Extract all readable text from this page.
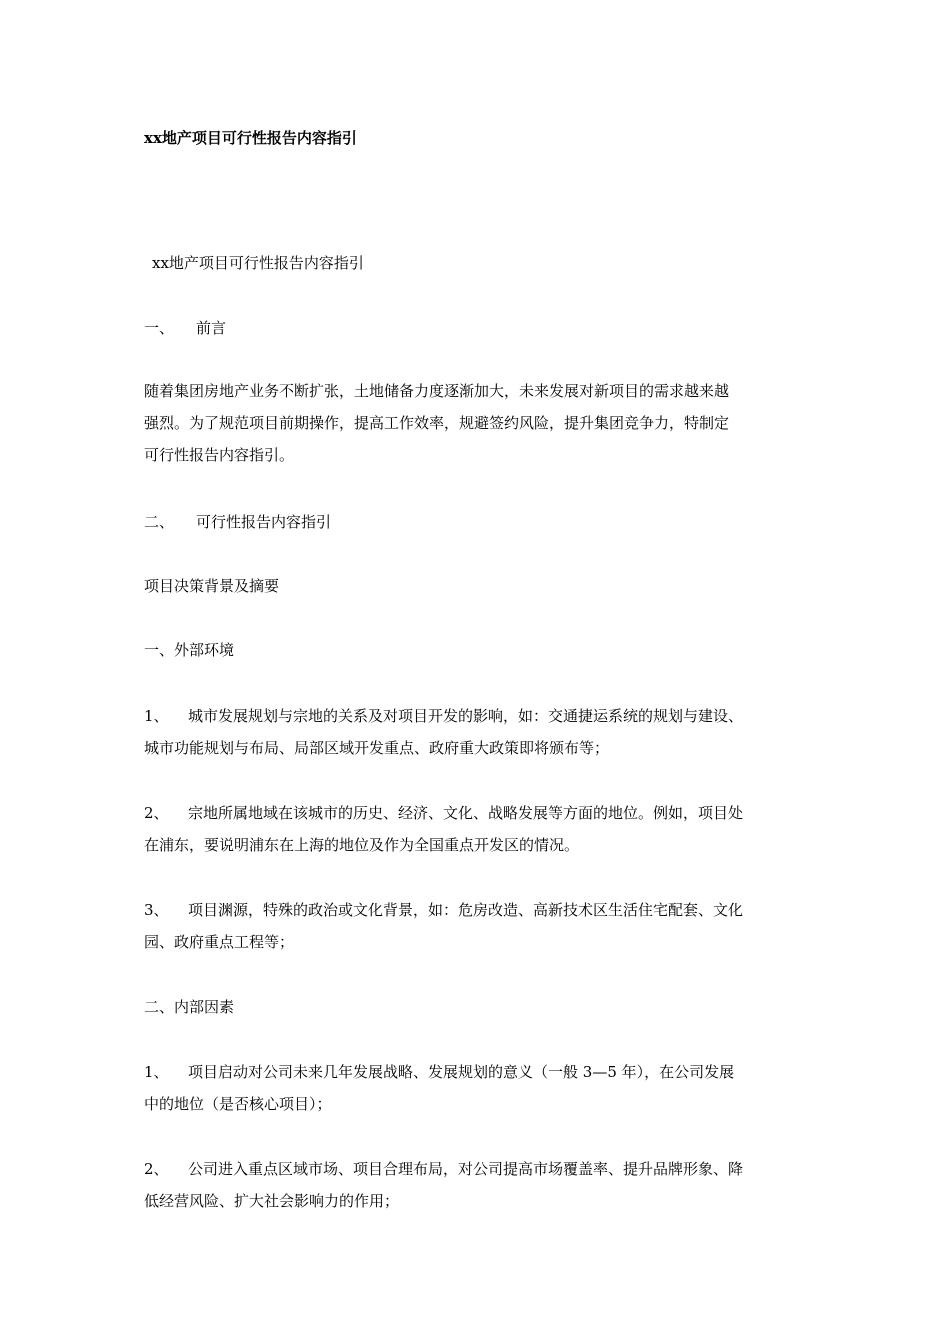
xx地产项目可行性报告内容指引
xx地产项目可行性报告内容指引
一、 前言
随着集团房地产业务不断扩张，土地储备力度逐渐加大，未来发展对新项目的需求越来越
强烈。为了规范项目前期操作，提高工作效率，规避签约风险，提升集团竞争力，特制定
可行性报告内容指引。
二、 可行性报告内容指引
项目决策背景及摘要
一、外部环境
1、 城市发展规划与宗地的关系及对项目开发的影响，如：交通捷运系统的规划与建设、
城市功能规划与布局、局部区域开发重点、政府重大政策即将颁布等；
2、 宗地所属地域在该城市的历史、经济、文化、战略发展等方面的地位。例如，项目处
在浦东，要说明浦东在上海的地位及作为全国重点开发区的情况。
3、 项目渊源，特殊的政治或文化背景，如：危房改造、高新技术区生活住宅配套、文化
园、政府重点工程等；
二、内部因素
1、 项目启动对公司未来几年发展战略、发展规划的意义（一般 3—5 年），在公司发展
中的地位（是否核心项目）；
2、 公司进入重点区域市场、项目合理布局，对公司提高市场覆盖率、提升品牌形象、降
低经营风险、扩大社会影响力的作用；
